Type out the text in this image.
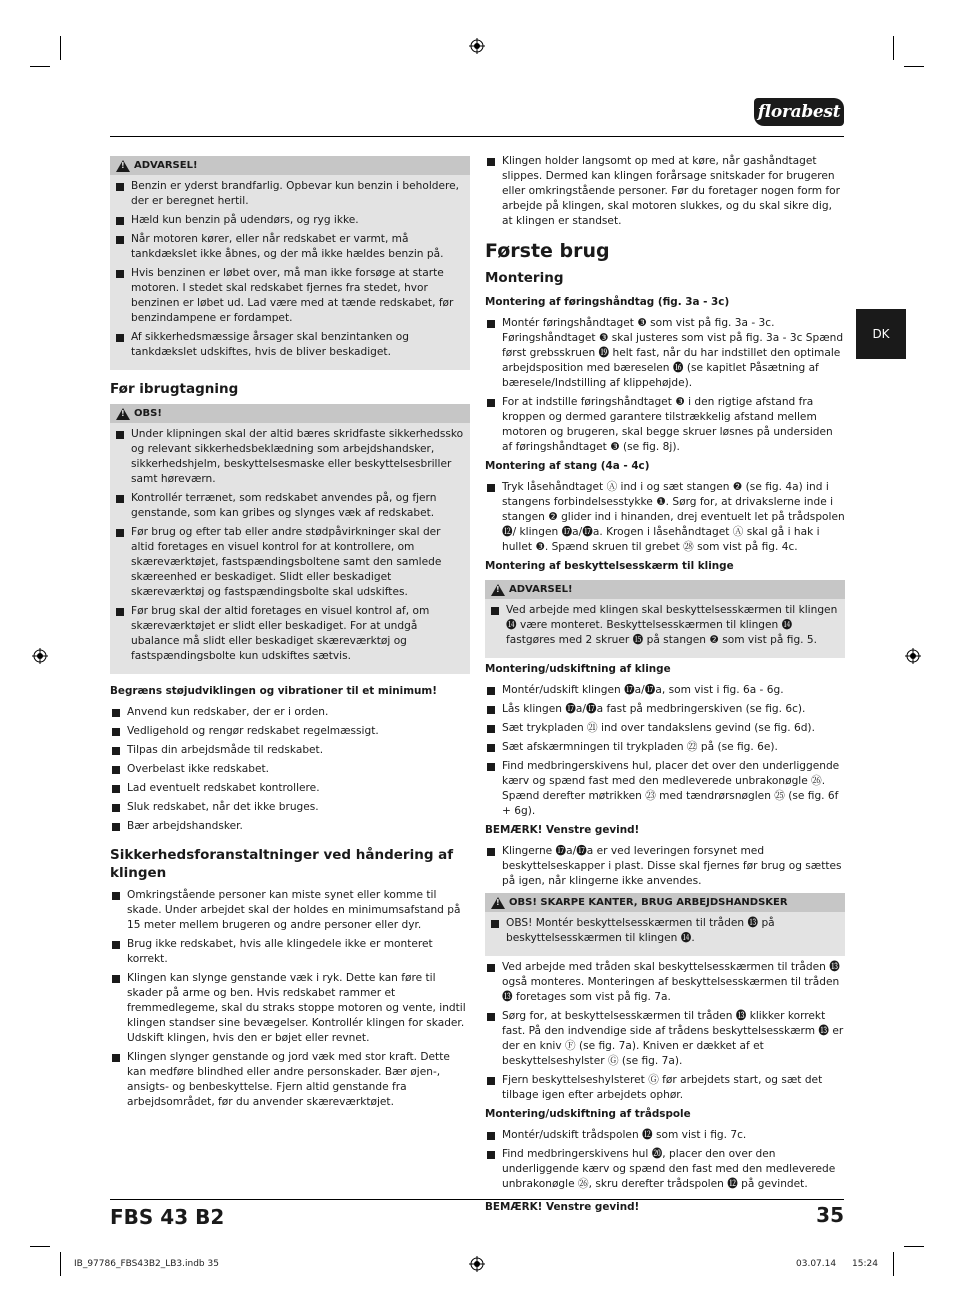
florabest
DK
!
ADVARSEL!
Benzin er yderst brandfarlig. Opbevar kun benzin i beholdere, der er beregnet hertil.
Hæld kun benzin på udendørs, og ryg ikke.
Når motoren kører, eller når redskabet er varmt, må tankdækslet ikke åbnes, og der må ikke hældes benzin på.
Hvis benzinen er løbet over, må man ikke forsøge at starte motoren. I stedet skal redskabet fjernes fra stedet, hvor benzinen er løbet ud. Lad være med at tænde redskabet, før benzindampene er fordampet.
Af sikkerhedsmæssige årsager skal benzintanken og tankdækslet udskiftes, hvis de bliver beskadiget.
Før ibrugtagning
!
OBS!
Under klipningen skal der altid bæres skridfaste sikkerhedssko og relevant sikkerhedsbeklædning som arbejdshandsker, sikkerhedshjelm, beskyttelsesmaske eller beskyttelsesbriller samt høreværn.
Kontrollér terrænet, som redskabet anvendes på, og fjern genstande, som kan gribes og slynges væk af redskabet.
Før brug og efter tab eller andre stødpåvirkninger skal der altid foretages en visuel kontrol for at kontrollere, om skæreværktøjet, fastspændingsboltene samt den samlede skæreenhed er beskadiget. Slidt eller beskadiget skæreværktøj og fastspændingsbolte skal udskiftes.
Før brug skal der altid foretages en visuel kontrol af, om skæreværktøjet er slidt eller beskadiget. For at undgå ubalance må slidt eller beskadiget skæreværktøj og fastspændingsbolte kun udskiftes sætvis.
Begræns støjudviklingen og vibrationer til et minimum!
Anvend kun redskaber, der er i orden.
Vedligehold og rengør redskabet regelmæssigt.
Tilpas din arbejdsmåde til redskabet.
Overbelast ikke redskabet.
Lad eventuelt redskabet kontrollere.
Sluk redskabet, når det ikke bruges.
Bær arbejdshandsker.
Sikkerhedsforanstaltninger ved håndering af klingen
Omkringstående personer kan miste synet eller komme til skade. Under arbejdet skal der holdes en minimumsafstand på 15 meter mellem brugeren og andre personer eller dyr.
Brug ikke redskabet, hvis alle klingedele ikke er monteret korrekt.
Klingen kan slynge genstande væk i ryk. Dette kan føre til skader på arme og ben. Hvis redskabet rammer et fremmedlegeme, skal du straks stoppe motoren og vente, indtil klingen standser sine bevægelser. Kontrollér klingen for skader. Udskift klingen, hvis den er bøjet eller revnet.
Klingen slynger genstande og jord væk med stor kraft. Dette kan medføre blindhed eller andre personskader. Bær øjen-, ansigts- og benbeskyttelse. Fjern altid genstande fra arbejdsområdet, før du anvender skæreværktøjet.
Klingen holder langsomt op med at køre, når gashåndtaget slippes. Dermed kan klingen forårsage snitskader for brugeren eller omkringstående personer. Før du foretager nogen form for arbejde på klingen, skal motoren slukkes, og du skal sikre dig, at klingen er standset.
Første brug
Montering
Montering af føringshåndtag (fig. 3a - 3c)
Montér føringshåndtaget ❸ som vist på fig. 3a - 3c. Føringshåndtaget ❸ skal justeres som vist på fig. 3a - 3c Spænd først grebsskruen ⓳ helt fast, når du har indstillet den optimale arbejdsposition med bæreselen ⓰ (se kapitlet Påsætning af bæresele/Indstilling af klippehøjde).
For at indstille føringshåndtaget ❸ i den rigtige afstand fra kroppen og dermed garantere tilstrækkelig afstand mellem motoren og brugeren, skal begge skruer løsnes på undersiden af føringshåndtaget ❸ (se fig. 8j).
Montering af stang (4a - 4c)
Tryk låsehåndtaget Ⓐ ind i og sæt stangen ❷ (se fig. 4a) ind i stangens forbindelsesstykke ❶. Sørg for, at drivakslerne inde i stangen ❷ glider ind i hinanden, drej eventuelt let på trådspolen ⓬/ klingen ⓱a/⓱a. Krogen i låsehåndtaget Ⓐ skal gå i hak i hullet ❸. Spænd skruen til grebet ㉘ som vist på fig. 4c.
Montering af beskyttelsesskærm til klinge
!
ADVARSEL!
Ved arbejde med klingen skal beskyttelsesskærmen til klingen ⓮ være monteret. Beskyttelsesskærmen til klingen ⓮ fastgøres med 2 skruer ⓯ på stangen ❷ som vist på fig. 5.
Montering/udskiftning af klinge
Montér/udskift klingen ⓱a/⓱a, som vist i fig. 6a - 6g.
Lås klingen ⓱a/⓱a fast på medbringerskiven (se fig. 6c).
Sæt trykpladen ㉑ ind over tandakslens gevind (se fig. 6d).
Sæt afskærmningen til trykpladen ㉒ på (se fig. 6e).
Find medbringerskivens hul, placer det over den underliggende kærv og spænd fast med den medleverede unbrakonøgle ㉖. Spænd derefter møtrikken ㉓ med tændrørsnøglen ㉕ (se fig. 6f + 6g).
BEMÆRK! Venstre gevind!
Klingerne ⓱a/⓱a er ved leveringen forsynet med beskyttelseskapper i plast. Disse skal fjernes før brug og sættes på igen, når klingerne ikke anvendes.
!
OBS! SKARPE KANTER, BRUG ARBEJDSHANDSKER
OBS! Montér beskyttelsesskærmen til tråden ⓭ på beskyttelsesskærmen til klingen ⓮.
Ved arbejde med tråden skal beskyttelsesskærmen til tråden ⓭ også monteres. Monteringen af beskyttelsesskærmen til tråden ⓭ foretages som vist på fig. 7a.
Sørg for, at beskyttelsesskærmen til tråden ⓭ klikker korrekt fast. På den indvendige side af trådens beskyttelsesskærm ⓭ er der en kniv Ⓕ (se fig. 7a). Kniven er dækket af et beskyttelseshylster Ⓖ (se fig. 7a).
Fjern beskyttelseshylsteret Ⓖ før arbejdets start, og sæt det tilbage igen efter arbejdets ophør.
Montering/udskiftning af trådspole
Montér/udskift trådspolen ⓬ som vist i fig. 7c.
Find medbringerskivens hul ⓴, placer den over den underliggende kærv og spænd den fast med den medleverede unbrakonøgle ㉖, skru derefter trådspolen ⓬ på gevindet.
BEMÆRK! Venstre gevind!
FBS 43 B2	35
IB_97786_FBS43B2_LB3.indb 35	03.07.14 15:24
